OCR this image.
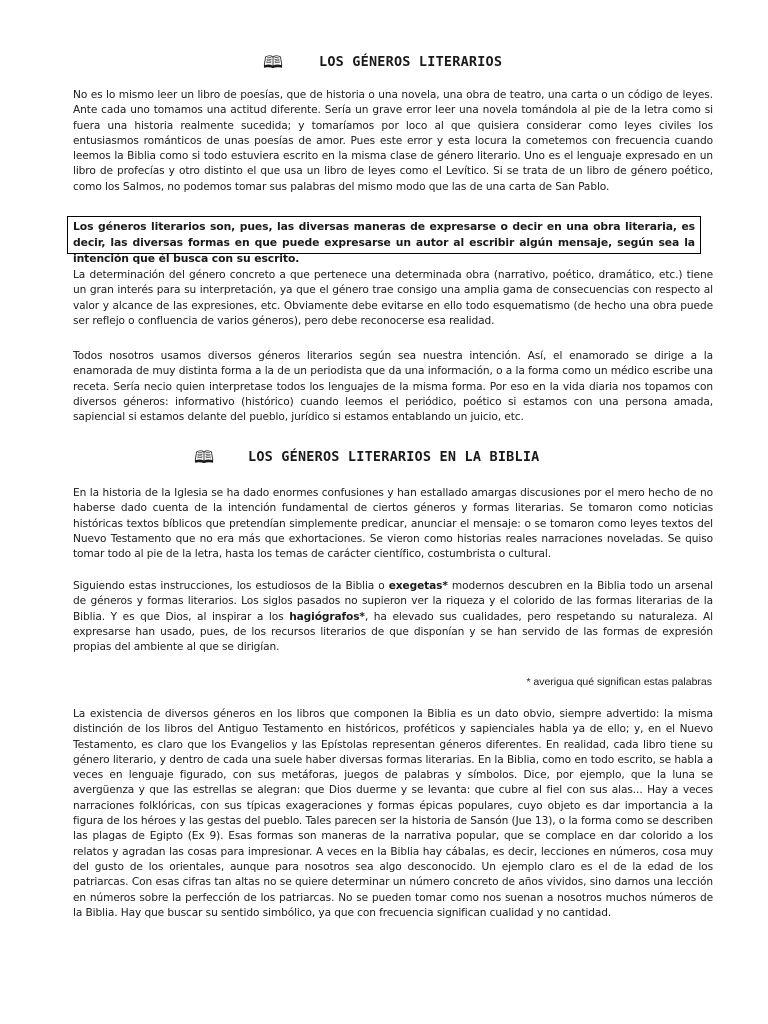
🕮	LOS GÉNEROS LITERARIOS
No es lo mismo leer un libro de poesías, que de historia o una novela, una obra de teatro, una carta o un código de leyes. Ante cada uno tomamos una actitud diferente. Sería un grave error leer una novela tomándola al pie de la letra como si fuera una historia realmente sucedida; y tomaríamos por loco al que quisiera considerar como leyes civiles los entusiasmos románticos de unas poesías de amor. Pues este error y esta locura la cometemos con frecuencia cuando leemos la Biblia como si todo estuviera escrito en la misma clase de género literario. Uno es el lenguaje expresado en un libro de profecías y otro distinto el que usa un libro de leyes como el Levítico. Si se trata de un libro de género poético, como los Salmos, no podemos tomar sus palabras del mismo modo que las de una carta de San Pablo.

Los géneros literarios son, pues, las diversas maneras de expresarse o decir en una obra literaria, es decir, las diversas formas en que puede expresarse un autor al escribir algún mensaje, según sea la intención que él busca con su escrito.

La determinación del género concreto a que pertenece una determinada obra (narrativo, poético, dramático, etc.) tiene un gran interés para su interpretación, ya que el género trae consigo una amplia gama de consecuencias con respecto al valor y alcance de las expresiones, etc. Obviamente debe evitarse en ello todo esquematismo (de hecho una obra puede ser reflejo o confluencia de varios géneros), pero debe reconocerse esa realidad.
Todos nosotros usamos diversos géneros literarios según sea nuestra intención. Así, el enamorado se dirige a la enamorada de muy distinta forma a la de un periodista que da una información, o a la forma como un médico escribe una receta. Sería necio quien interpretase todos los lenguajes de la misma forma. Por eso en la vida diaria nos topamos con diversos géneros: informativo (histórico) cuando leemos el periódico, poético si estamos con una persona amada, sapiencial si estamos delante del pueblo, jurídico si estamos entablando un juicio, etc.
🕮	LOS GÉNEROS LITERARIOS EN LA BIBLIA
En la historia de la Iglesia se ha dado enormes confusiones y han estallado amargas discusiones por el mero hecho de no haberse dado cuenta de la intención fundamental de ciertos géneros y formas literarias. Se tomaron como noticias históricas textos bíblicos que pretendían simplemente predicar, anunciar el mensaje: o se tomaron como leyes textos del Nuevo Testamento que no era más que exhortaciones. Se vieron como historias reales narraciones noveladas. Se quiso tomar todo al pie de la letra, hasta los temas de carácter científico, costumbrista o cultural.
Siguiendo estas instrucciones, los estudiosos de la Biblia o exegetas* modernos descubren en la Biblia todo un arsenal de géneros y formas literarios. Los siglos pasados no supieron ver la riqueza y el colorido de las formas literarias de la Biblia. Y es que Dios, al inspirar a los hagiógrafos*, ha elevado sus cualidades, pero respetando su naturaleza. Al expresarse han usado, pues, de los recursos literarios de que disponían y se han servido de las formas de expresión propias del ambiente al que se dirigían.
* averigua qué significan estas palabras
La existencia de diversos géneros en los libros que componen la Biblia es un dato obvio, siempre advertido: la misma distinción de los libros del Antiguo Testamento en históricos, proféticos y sapienciales habla ya de ello; y, en el Nuevo Testamento, es claro que los Evangelios y las Epístolas representan géneros diferentes. En realidad, cada libro tiene su género literario, y dentro de cada una suele haber diversas formas literarias. En la Biblia, como en todo escrito, se habla a veces en lenguaje figurado, con sus metáforas, juegos de palabras y símbolos. Dice, por ejemplo, que la luna se avergüenza y que las estrellas se alegran: que Dios duerme y se levanta: que cubre al fiel con sus alas... Hay a veces narraciones folklóricas, con sus típicas exageraciones y formas épicas populares, cuyo objeto es dar importancia a la figura de los héroes y las gestas del pueblo. Tales parecen ser la historia de Sansón (Jue 13), o la forma como se describen las plagas de Egipto (Ex 9). Esas formas son maneras de la narrativa popular, que se complace en dar colorido a los relatos y agradan las cosas para impresionar. A veces en la Biblia hay cábalas, es decir, lecciones en números, cosa muy del gusto de los orientales, aunque para nosotros sea algo desconocido. Un ejemplo claro es el de la edad de los patriarcas. Con esas cifras tan altas no se quiere determinar un número concreto de años vividos, sino darnos una lección en números sobre la perfección de los patriarcas. No se pueden tomar como nos suenan a nosotros muchos números de la Biblia. Hay que buscar su sentido simbólico, ya que con frecuencia significan cualidad y no cantidad.
